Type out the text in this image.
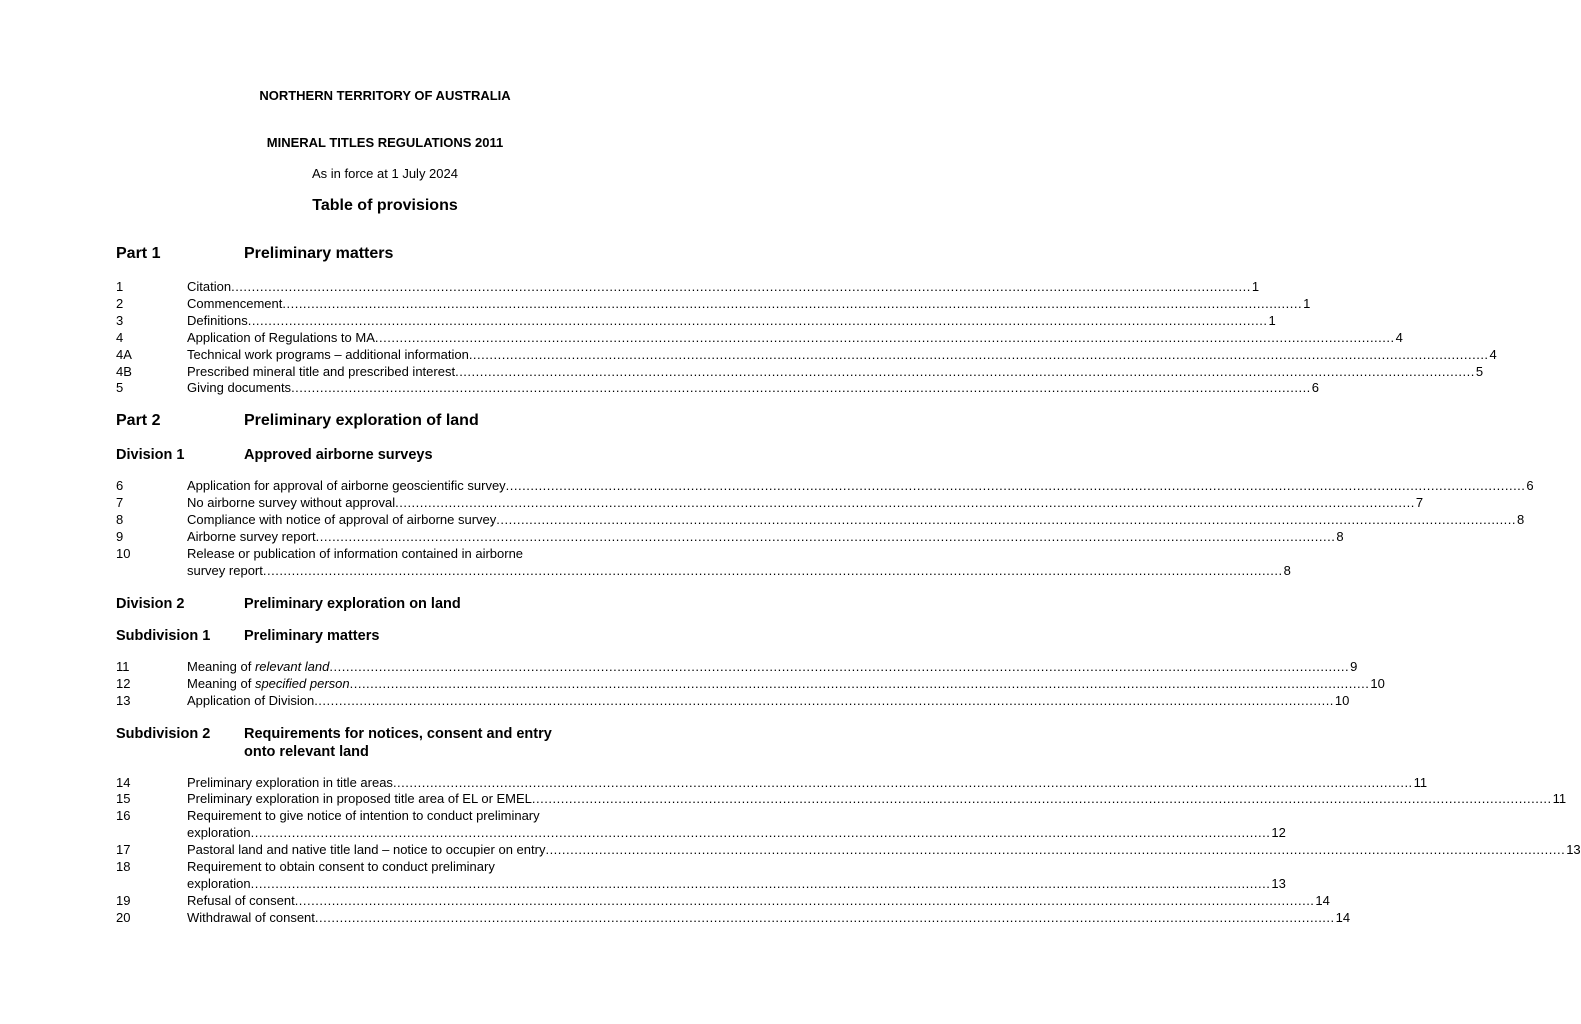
NORTHERN TERRITORY OF AUSTRALIA
MINERAL TITLES REGULATIONS 2011
As in force at 1 July 2024
Table of provisions
Part 1	Preliminary matters
1	Citation .....	1
2	Commencement .....	1
3	Definitions .....	1
4	Application of Regulations to MA .....	4
4A	Technical work programs – additional information .....	4
4B	Prescribed mineral title and prescribed interest .....	5
5	Giving documents .....	6
Part 2	Preliminary exploration of land
Division 1	Approved airborne surveys
6	Application for approval of airborne geoscientific survey .....	6
7	No airborne survey without approval .....	7
8	Compliance with notice of approval of airborne survey .....	8
9	Airborne survey report .....	8
10	Release or publication of information contained in airborne
survey report .....	8
Division 2	Preliminary exploration on land
Subdivision 1	Preliminary matters
11	Meaning of relevant land .....	9
12	Meaning of specified person .....	10
13	Application of Division .....	10
Subdivision 2	Requirements for notices, consent and entry
onto relevant land
14	Preliminary exploration in title areas .....	11
15	Preliminary exploration in proposed title area of EL or EMEL .....	11
16	Requirement to give notice of intention to conduct preliminary
exploration .....	12
17	Pastoral land and native title land – notice to occupier on entry .....	13
18	Requirement to obtain consent to conduct preliminary
exploration .....	13
19	Refusal of consent .....	14
20	Withdrawal of consent .....	14
